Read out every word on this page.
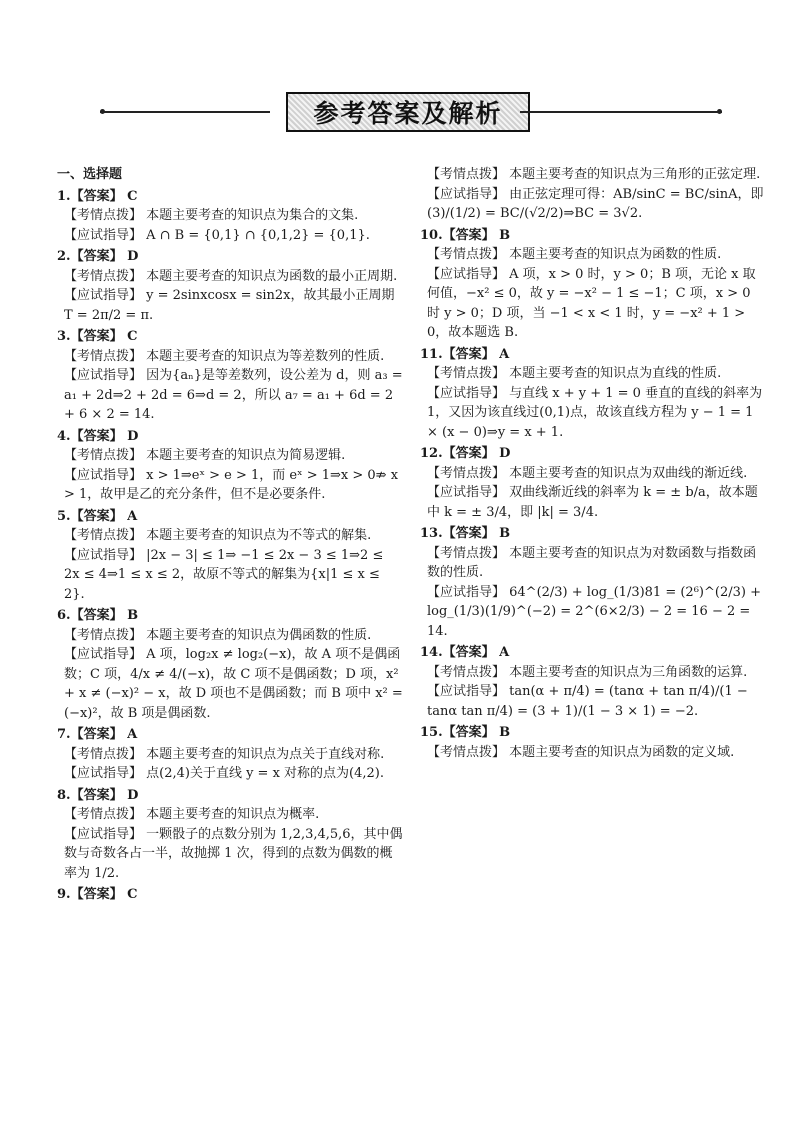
参考答案及解析
一、选择题
1.【答案】 C
【考情点拨】 本题主要考查的知识点为集合的文集.
【应试指导】 A ∩ B = {0,1} ∩ {0,1,2} = {0,1}.
2.【答案】 D
【考情点拨】 本题主要考查的知识点为函数的最小正周期.
【应试指导】 y = 2sinxcosx = sin2x，故其最小正周期 T = 2π/2 = π.
3.【答案】 C
【考情点拨】 本题主要考查的知识点为等差数列的性质.
【应试指导】 因为{aₙ}是等差数列，设公差为 d，则 a₃ = a₁ + 2d⇒2 + 2d = 6⇒d = 2，所以 a₇ = a₁ + 6d = 2 + 6 × 2 = 14.
4.【答案】 D
【考情点拨】 本题主要考查的知识点为简易逻辑.
【应试指导】 x > 1⇒eˣ > e > 1，而 eˣ > 1⇒x > 0⇏ x > 1，故甲是乙的充分条件，但不是必要条件.
5.【答案】 A
【考情点拨】 本题主要考查的知识点为不等式的解集.
【应试指导】 |2x − 3| ≤ 1⇒ −1 ≤ 2x − 3 ≤ 1⇒2 ≤ 2x ≤ 4⇒1 ≤ x ≤ 2，故原不等式的解集为{x|1 ≤ x ≤ 2}.
6.【答案】 B
【考情点拨】 本题主要考查的知识点为偶函数的性质.
【应试指导】 A 项，log₂x ≠ log₂(−x)，故 A 项不是偶函数；C 项，4/x ≠ 4/(−x)，故 C 项不是偶函数；D 项，x² + x ≠ (−x)² − x，故 D 项也不是偶函数；而 B 项中 x² = (−x)²，故 B 项是偶函数.
7.【答案】 A
【考情点拨】 本题主要考查的知识点为点关于直线对称.
【应试指导】 点(2,4)关于直线 y = x 对称的点为(4,2).
8.【答案】 D
【考情点拨】 本题主要考查的知识点为概率.
【应试指导】 一颗骰子的点数分别为 1,2,3,4,5,6，其中偶数与奇数各占一半，故抛掷 1 次，得到的点数为偶数的概率为 1/2.
9.【答案】 C
【考情点拨】 本题主要考查的知识点为三角形的正弦定理.
【应试指导】 由正弦定理可得：AB/sinC = BC/sinA，即 (3)/(1/2) = BC/(√2/2)⇒BC = 3√2.
10.【答案】 B
【考情点拨】 本题主要考查的知识点为函数的性质.
【应试指导】 A 项，x > 0 时，y > 0；B 项，无论 x 取何值，−x² ≤ 0，故 y = −x² − 1 ≤ −1；C 项，x > 0 时 y > 0；D 项，当 −1 < x < 1 时，y = −x² + 1 > 0，故本题选 B.
11.【答案】 A
【考情点拨】 本题主要考查的知识点为直线的性质.
【应试指导】 与直线 x + y + 1 = 0 垂直的直线的斜率为 1，又因为该直线过(0,1)点，故该直线方程为 y − 1 = 1 × (x − 0)⇒y = x + 1.
12.【答案】 D
【考情点拨】 本题主要考查的知识点为双曲线的渐近线.
【应试指导】 双曲线渐近线的斜率为 k = ± b/a，故本题中 k = ± 3/4，即 |k| = 3/4.
13.【答案】 B
【考情点拨】 本题主要考查的知识点为对数函数与指数函数的性质.
【应试指导】 64^(2/3) + log_(1/3)81 = (2⁶)^(2/3) + log_(1/3)(1/9)^(−2) = 2^(6×2/3) − 2 = 16 − 2 = 14.
14.【答案】 A
【考情点拨】 本题主要考查的知识点为三角函数的运算.
【应试指导】 tan(α + π/4) = (tanα + tan π/4)/(1 − tanα tan π/4) = (3 + 1)/(1 − 3 × 1) = −2.
15.【答案】 B
【考情点拨】 本题主要考查的知识点为函数的定义域.
